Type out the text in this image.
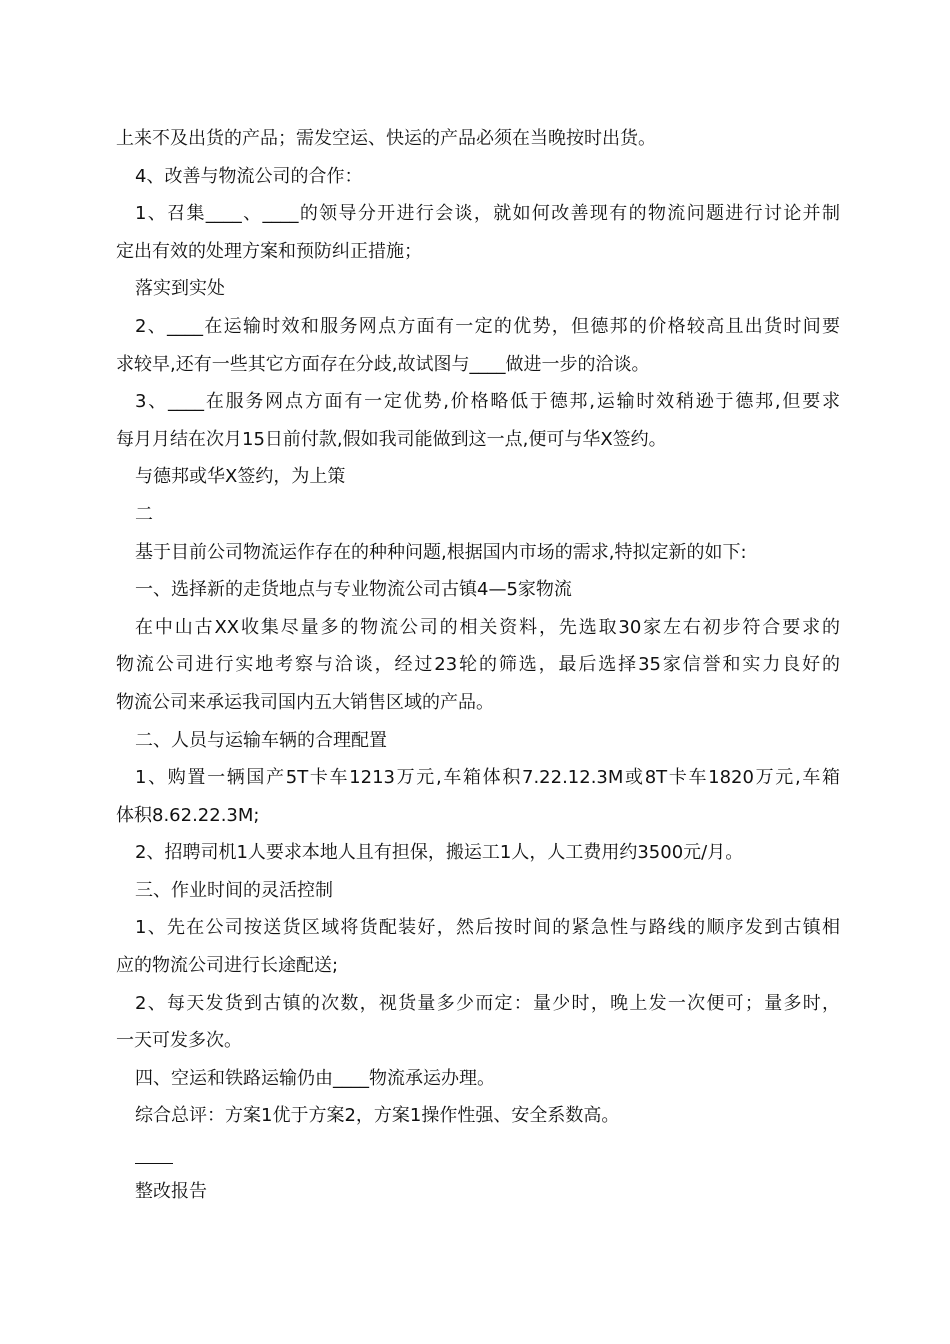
上来不及出货的产品；需发空运、快运的产品必须在当晚按时出货。
4、改善与物流公司的合作：
1、召集____、____的领导分开进行会谈，就如何改善现有的物流问题进行讨论并制
定出有效的处理方案和预防纠正措施；
落实到实处
2、____在运输时效和服务网点方面有一定的优势，但德邦的价格较高且出货时间要
求较早,还有一些其它方面存在分歧,故试图与____做进一步的洽谈。
3、____在服务网点方面有一定优势,价格略低于德邦,运输时效稍逊于德邦,但要求
每月月结在次月15日前付款,假如我司能做到这一点,便可与华X签约。
与德邦或华X签约，为上策
二
基于目前公司物流运作存在的种种问题,根据国内市场的需求,特拟定新的如下:
一、选择新的走货地点与专业物流公司古镇4—5家物流
在中山古XX收集尽量多的物流公司的相关资料，先选取30家左右初步符合要求的
物流公司进行实地考察与洽谈，经过23轮的筛选，最后选择35家信誉和实力良好的
物流公司来承运我司国内五大销售区域的产品。
二、人员与运输车辆的合理配置
1、购置一辆国产5T卡车1213万元,车箱体积7.22.12.3M或8T卡车1820万元,车箱
体积8.62.22.3M;
2、招聘司机1人要求本地人且有担保，搬运工1人，人工费用约3500元/月。
三、作业时间的灵活控制
1、先在公司按送货区域将货配装好，然后按时间的紧急性与路线的顺序发到古镇相
应的物流公司进行长途配送;
2、每天发货到古镇的次数，视货量多少而定：量少时，晚上发一次便可；量多时，
一天可发多次。
四、空运和铁路运输仍由____物流承运办理。
综合总评：方案1优于方案2，方案1操作性强、安全系数高。
整改报告
